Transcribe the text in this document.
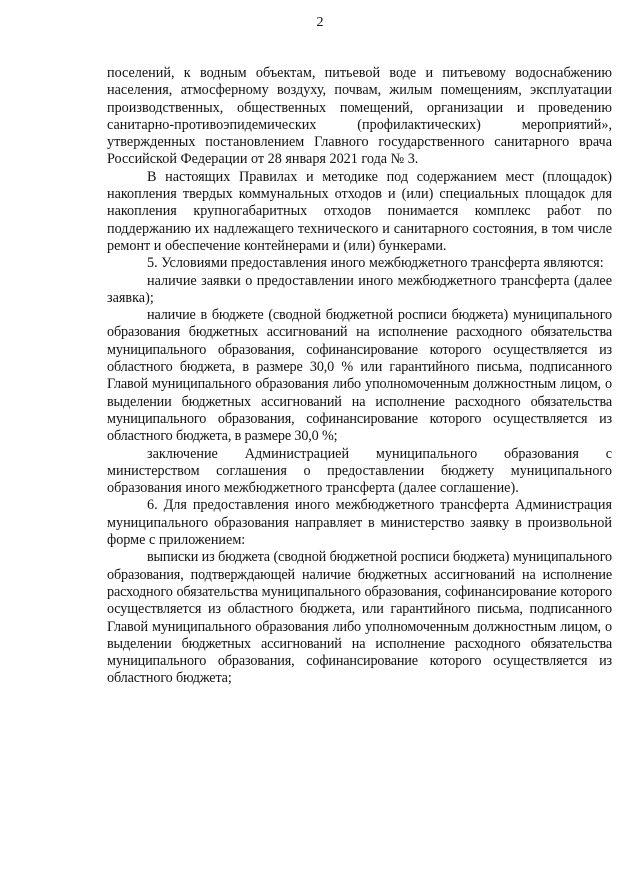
2

поселений, к водным объектам, питьевой воде и питьевому водоснабжению населения, атмосферному воздуху, почвам, жилым помещениям, эксплуатации производственных, общественных помещений, организации и проведению санитарно-противоэпидемических (профилактических) мероприятий», утвержденных постановлением Главного государственного санитарного врача Российской Федерации от 28 января 2021 года № 3.

В настоящих Правилах и методике под содержанием мест (площадок) накопления твердых коммунальных отходов и (или) специальных площадок для накопления крупногабаритных отходов понимается комплекс работ по поддержанию их надлежащего технического и санитарного состояния, в том числе ремонт и обеспечение контейнерами и (или) бункерами.

5. Условиями предоставления иного межбюджетного трансферта являются:

наличие заявки о предоставлении иного межбюджетного трансферта (далее заявка);

наличие в бюджете (сводной бюджетной росписи бюджета) муниципального образования бюджетных ассигнований на исполнение расходного обязательства муниципального образования, софинансирование которого осуществляется из областного бюджета, в размере 30,0 % или гарантийного письма, подписанного Главой муниципального образования либо уполномоченным должностным лицом, о выделении бюджетных ассигнований на исполнение расходного обязательства муниципального образования, софинансирование которого осуществляется из областного бюджета, в размере 30,0 %;

заключение Администрацией муниципального образования с министерством соглашения о предоставлении бюджету муниципального образования иного межбюджетного трансферта (далее соглашение).

6. Для предоставления иного межбюджетного трансферта Администрация муниципального образования направляет в министерство заявку в произвольной форме с приложением:

выписки из бюджета (сводной бюджетной росписи бюджета) муниципального образования, подтверждающей наличие бюджетных ассигнований на исполнение расходного обязательства муниципального образования, софинансирование которого осуществляется из областного бюджета, или гарантийного письма, подписанного Главой муниципального образования либо уполномоченным должностным лицом, о выделении бюджетных ассигнований на исполнение расходного обязательства муниципального образования, софинансирование которого осуществляется из областного бюджета;
